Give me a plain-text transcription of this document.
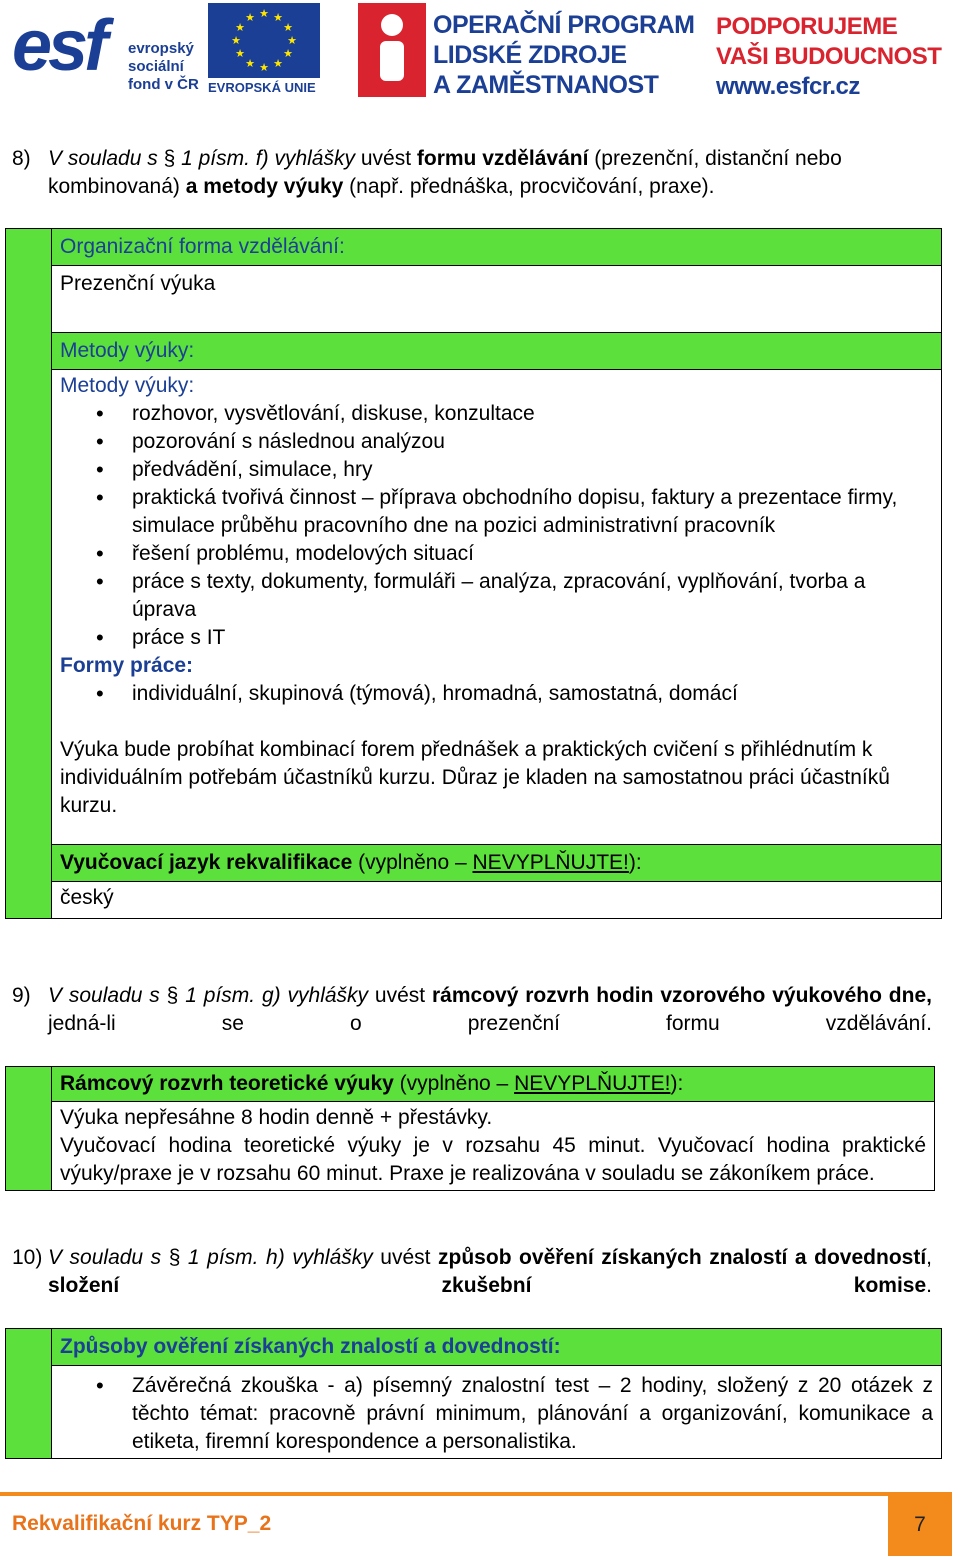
esf evropský
sociální
fond v ČR
★ ★
★
★
★
★
★
★
★
★
★
★
EVROPSKÁ UNIE
OPERAČNÍ PROGRAM
LIDSKÉ ZDROJE
A ZAMĚSTNANOST
PODPORUJEME
VAŠI BUDOUCNOST
www.esfcr.cz
8) V souladu s § 1 písm. f) vyhlášky uvést formu vzdělávání (prezenční, distanční nebo kombinovaná) a metody výuky (např. přednáška, procvičování, praxe).
Organizační forma vzdělávání:
Prezenční výuka
Metody výuky:
Metody výuky:
• rozhovor, vysvětlování, diskuse, konzultace
• pozorování s následnou analýzou
• předvádění, simulace, hry
• praktická tvořivá činnost – příprava obchodního dopisu, faktury a prezentace firmy, simulace průběhu pracovního dne na pozici administrativní pracovník
• řešení problému, modelových situací
• práce s texty, dokumenty, formuláři – analýza, zpracování, vyplňování, tvorba a úprava
• práce s IT
Formy práce:
• individuální, skupinová (týmová), hromadná, samostatná, domácí
Výuka bude probíhat kombinací forem přednášek a praktických cvičení s přihlédnutím k individuálním potřebám účastníků kurzu. Důraz je kladen na samostatnou práci účastníků kurzu.
Vyučovací jazyk rekvalifikace (vyplněno – NEVYPLŇUJTE!):
český
9) V souladu s § 1 písm. g) vyhlášky uvést rámcový rozvrh hodin vzorového výukového dne, jedná-li se o prezenční formu vzdělávání.
Rámcový rozvrh teoretické výuky (vyplněno – NEVYPLŇUJTE!):
Výuka nepřesáhne 8 hodin denně + přestávky.
Vyučovací hodina teoretické výuky je v rozsahu 45 minut. Vyučovací hodina praktické výuky/praxe je v rozsahu 60 minut. Praxe je realizována v souladu se zákoníkem práce.
10) V souladu s § 1 písm. h) vyhlášky uvést způsob ověření získaných znalostí a dovedností, složení zkušební komise.
Způsoby ověření získaných znalostí a dovedností:
• Závěrečná zkouška - a) písemný znalostní test – 2 hodiny, složený z 20 otázek z těchto témat: pracovně právní minimum, plánování a organizování, komunikace a etiketa, firemní korespondence a personalistika.
Rekvalifikační kurz TYP_2	7
